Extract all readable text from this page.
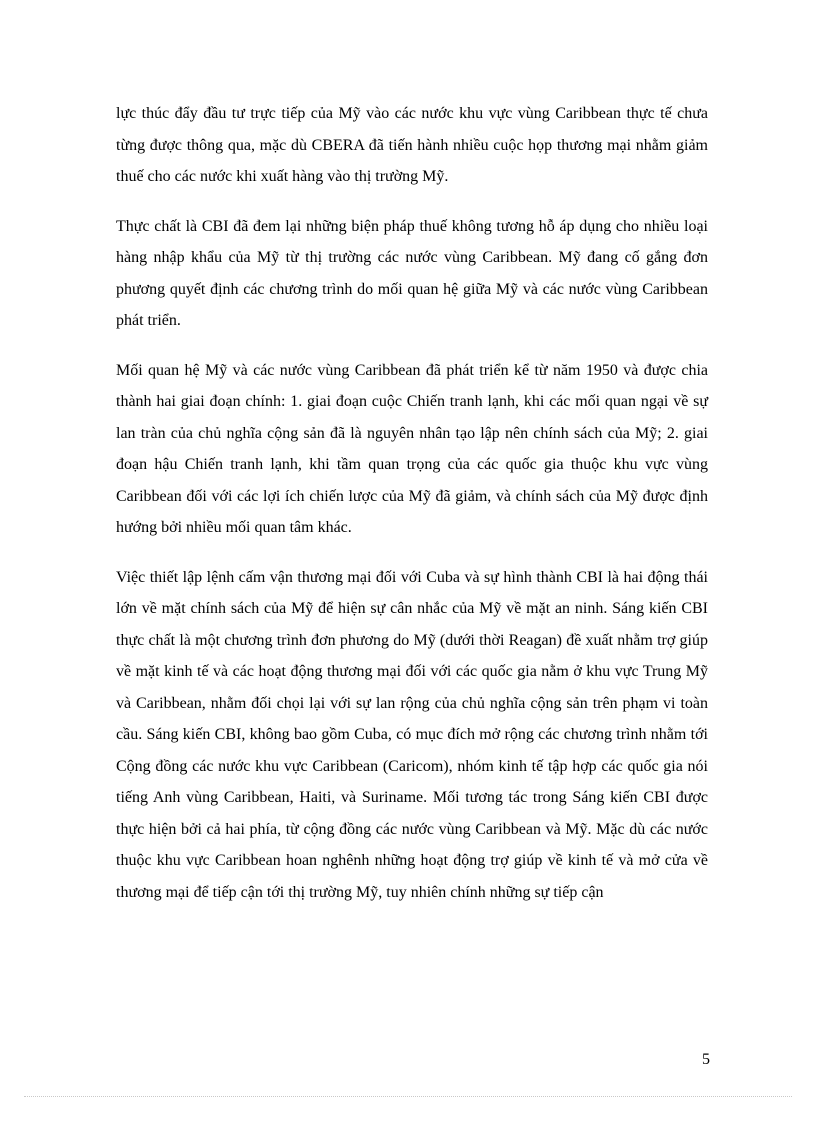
lực thúc đẩy đầu tư trực tiếp của Mỹ vào các nước khu vực vùng Caribbean thực tế chưa từng được thông qua, mặc dù CBERA đã tiến hành nhiều cuộc họp thương mại nhằm giảm thuế cho các nước khi xuất hàng vào thị trường Mỹ.

Thực chất là CBI đã đem lại những biện pháp thuế không tương hỗ áp dụng cho nhiều loại hàng nhập khẩu của Mỹ từ thị trường các nước vùng Caribbean. Mỹ đang cố gắng đơn phương quyết định các chương trình do mối quan hệ giữa Mỹ và các nước vùng Caribbean phát triển.

Mối quan hệ Mỹ và các nước vùng Caribbean đã phát triển kể từ năm 1950 và được chia thành hai giai đoạn chính: 1. giai đoạn cuộc Chiến tranh lạnh, khi các mối quan ngại về sự lan tràn của chủ nghĩa cộng sản đã là nguyên nhân tạo lập nên chính sách của Mỹ; 2. giai đoạn hậu Chiến tranh lạnh, khi tầm quan trọng của các quốc gia thuộc khu vực vùng Caribbean đối với các lợi ích chiến lược của Mỹ đã giảm, và chính sách của Mỹ được định hướng bởi nhiều mối quan tâm khác.

Việc thiết lập lệnh cấm vận thương mại đối với Cuba và sự hình thành CBI là hai động thái lớn về mặt chính sách của Mỹ để hiện sự cân nhắc của Mỹ về mặt an ninh. Sáng kiến CBI thực chất là một chương trình đơn phương do Mỹ (dưới thời Reagan) đề xuất nhằm trợ giúp về mặt kinh tế và các hoạt động thương mại đối với các quốc gia nằm ở khu vực Trung Mỹ và Caribbean, nhằm đối chọi lại với sự lan rộng của chủ nghĩa cộng sản trên phạm vi toàn cầu. Sáng kiến CBI, không bao gồm Cuba, có mục đích mở rộng các chương trình nhằm tới Cộng đồng các nước khu vực Caribbean (Caricom), nhóm kinh tế tập hợp các quốc gia nói tiếng Anh vùng Caribbean, Haiti, và Suriname. Mối tương tác trong Sáng kiến CBI được thực hiện bởi cả hai phía, từ cộng đồng các nước vùng Caribbean và Mỹ. Mặc dù các nước thuộc khu vực Caribbean hoan nghênh những hoạt động trợ giúp về kinh tế và mở cửa về thương mại để tiếp cận tới thị trường Mỹ, tuy nhiên chính những sự tiếp cận

5
